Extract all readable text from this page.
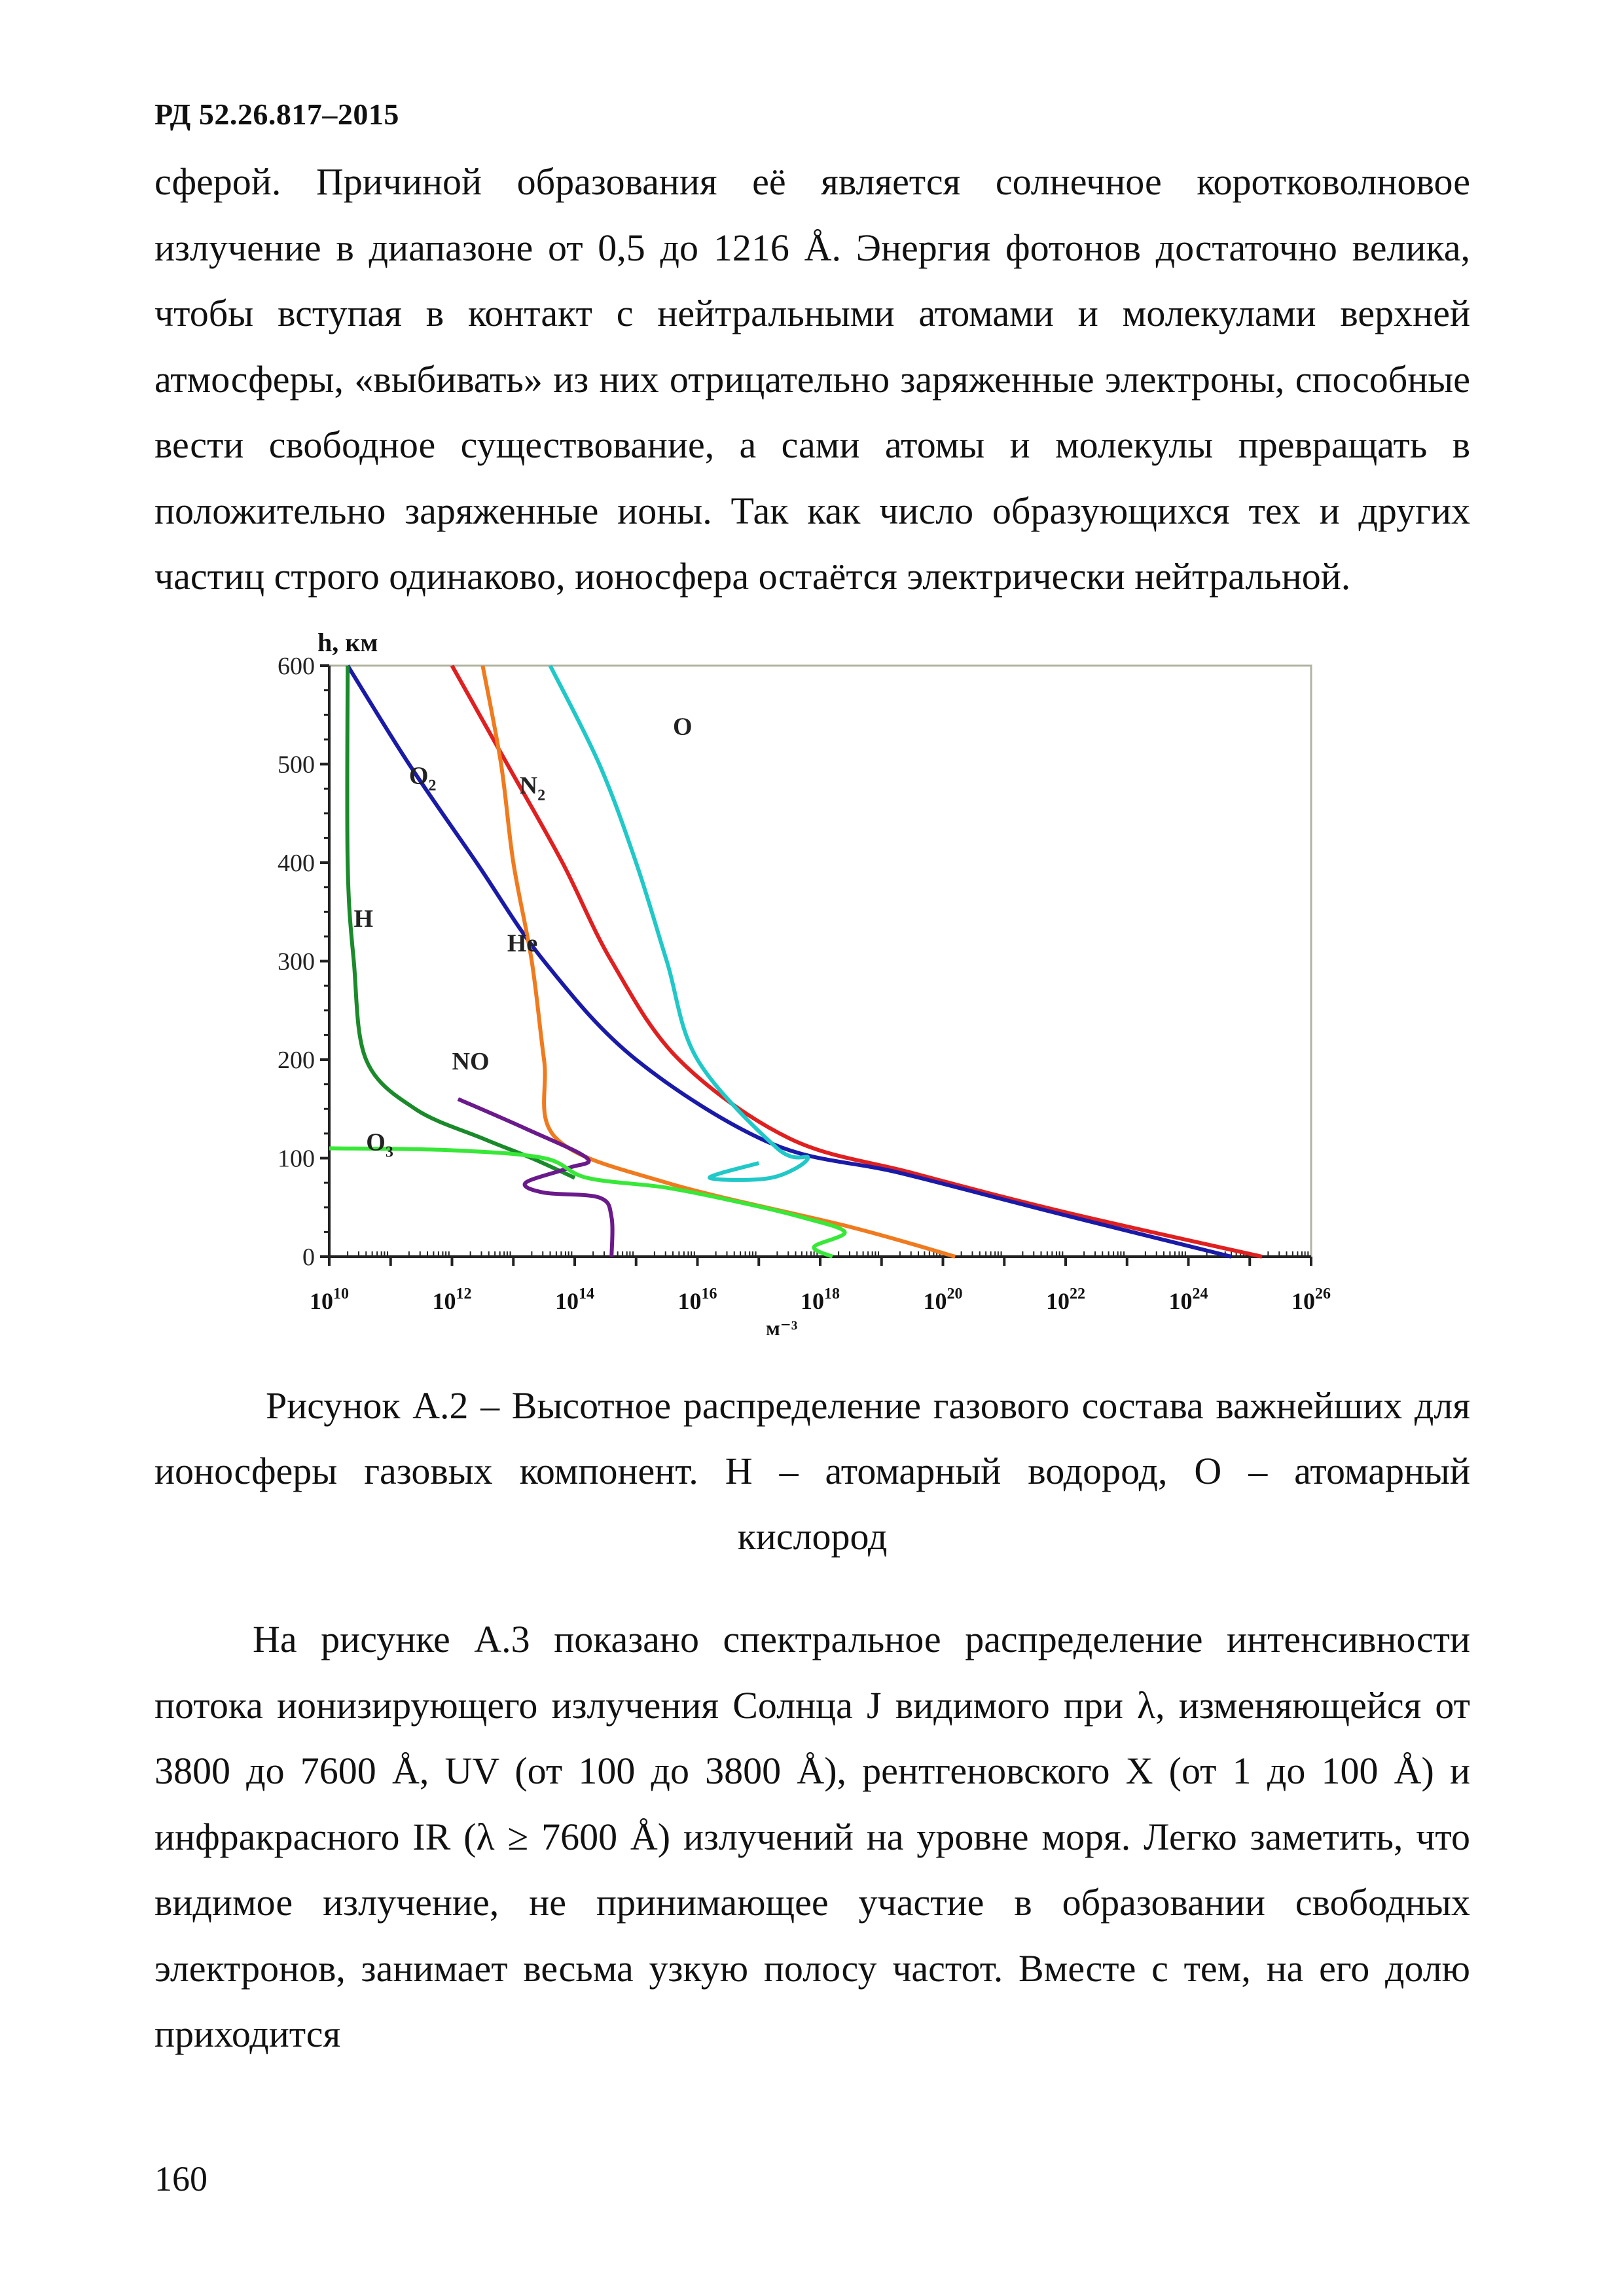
РД 52.26.817–2015

сферой. Причиной образования её является солнечное коротковолновое излучение в диапазоне от 0,5 до 1216 Å. Энергия фотонов достаточно велика, чтобы вступая в контакт с нейтральными атомами и молекулами верхней атмосферы, «выбивать» из них отрицательно заряженные электроны, способные вести свободное существование, а сами атомы и молекулы превращать в положительно заряженные ионы. Так как число образующихся тех и других частиц строго одинаково, ионосфера остаётся электрически нейтральной.

0
100
200
300
400
500
600
$10^{10}$	$10^{12}$	$10^{14}$	$10^{16}$	$10^{18}$	$10^{20}$	$10^{22}$	$10^{24}$	$10^{26}$
$N_2$
$O_2$
O
He
H
NO
$O_3$
h, км
м⁻³

Рисунок А.2 – Высотное распределение газового состава важнейших для ионосферы газовых компонент. H – атомарный водород, O – атомарный кислород

На рисунке А.3 показано спектральное распределение интенсивности потока ионизирующего излучения Солнца J видимого при λ, изменяющейся от 3800 до 7600 Å, UV (от 100 до 3800 Å), рентгеновского X (от 1 до 100 Å) и инфракрасного IR (λ ≥ 7600 Å) излучений на уровне моря. Легко заметить, что видимое излучение, не принимающее участие в образовании свободных электронов, занимает весьма узкую полосу частот. Вместе с тем, на его долю приходится

160
